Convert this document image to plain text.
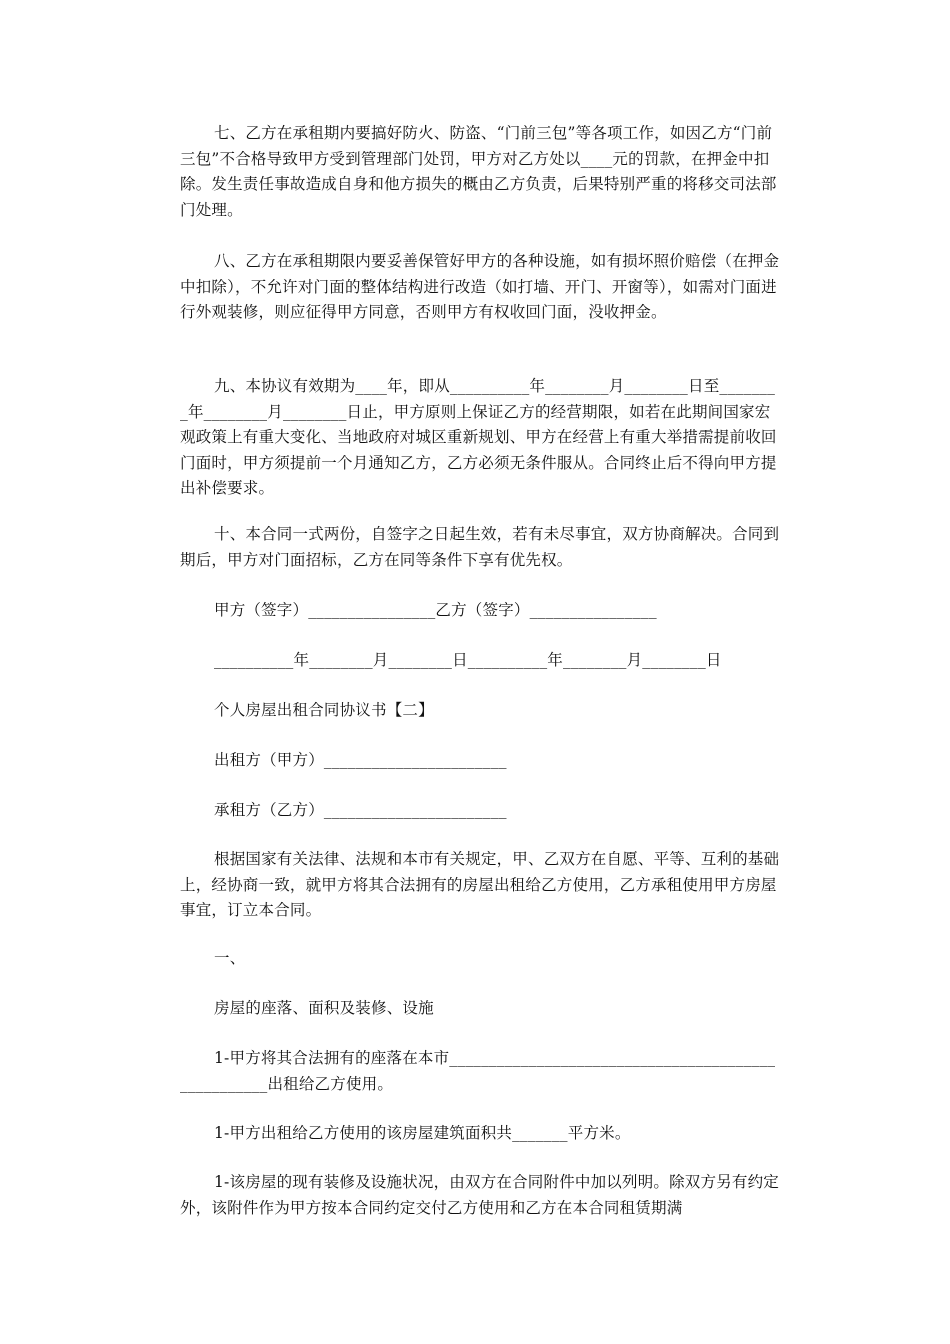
七、乙方在承租期内要搞好防火、防盗、“门前三包”等各项工作，如因乙方“门前三包”不合格导致甲方受到管理部门处罚，甲方对乙方处以____元的罚款，在押金中扣除。发生责任事故造成自身和他方损失的概由乙方负责，后果特别严重的将移交司法部门处理。

八、乙方在承租期限内要妥善保管好甲方的各种设施，如有损坏照价赔偿（在押金中扣除），不允许对门面的整体结构进行改造（如打墙、开门、开窗等），如需对门面进行外观装修，则应征得甲方同意，否则甲方有权收回门面，没收押金。

九、本协议有效期为____年，即从__________年________月________日至________年________月________日止，甲方原则上保证乙方的经营期限，如若在此期间国家宏观政策上有重大变化、当地政府对城区重新规划、甲方在经营上有重大举措需提前收回门面时，甲方须提前一个月通知乙方，乙方必须无条件服从。合同终止后不得向甲方提出补偿要求。

十、本合同一式两份，自签字之日起生效，若有未尽事宜，双方协商解决。合同到期后，甲方对门面招标，乙方在同等条件下享有优先权。

甲方（签字）________________乙方（签字）________________

__________年________月________日__________年________月________日

个人房屋出租合同协议书【二】

出租方（甲方）_______________________

承租方（乙方）_______________________

根据国家有关法律、法规和本市有关规定，甲、乙双方在自愿、平等、互利的基础上，经协商一致，就甲方将其合法拥有的房屋出租给乙方使用，乙方承租使用甲方房屋事宜，订立本合同。

一、

房屋的座落、面积及装修、设施

1-甲方将其合法拥有的座落在本市____________________________________________________出租给乙方使用。

1-甲方出租给乙方使用的该房屋建筑面积共_______平方米。

1-该房屋的现有装修及设施状况，由双方在合同附件中加以列明。除双方另有约定外，该附件作为甲方按本合同约定交付乙方使用和乙方在本合同租赁期满
